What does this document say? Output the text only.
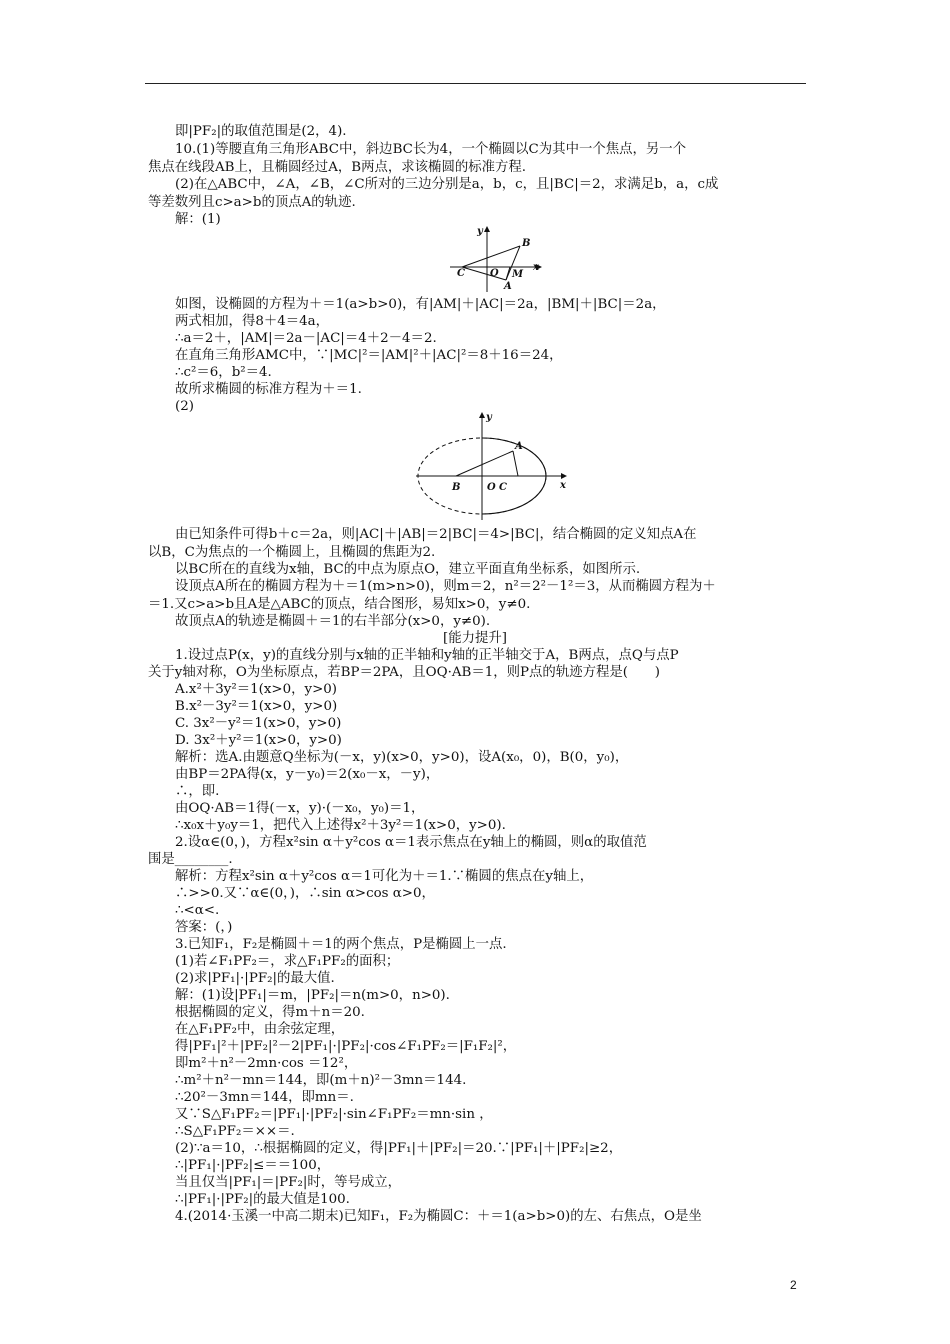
即|PF₂|的取值范围是(2，4).
10.(1)等腰直角三角形ABC中，斜边BC长为4，一个椭圆以C为其中一个焦点，另一个
焦点在线段AB上，且椭圆经过A，B两点，求该椭圆的标准方程.
(2)在△ABC中，∠A，∠B，∠C所对的三边分别是a，b，c，且|BC|＝2，求满足b，a，c成
等差数列且c>a>b的顶点A的轨迹.
解：(1)
y
x
B
C	O M
A
如图，设椭圆的方程为＋＝1(a>b>0)，有|AM|＋|AC|＝2a，|BM|＋|BC|＝2a，
两式相加，得8＋4＝4a，
∴a＝2＋，|AM|＝2a－|AC|＝4＋2－4＝2.
在直角三角形AMC中，∵|MC|²＝|AM|²＋|AC|²＝8＋16＝24，
∴c²＝6，b²＝4.
故所求椭圆的标准方程为＋＝1.
(2)
y
x
A
B	O C
由已知条件可得b＋c＝2a，则|AC|＋|AB|＝2|BC|＝4>|BC|，结合椭圆的定义知点A在
以B，C为焦点的一个椭圆上，且椭圆的焦距为2.
以BC所在的直线为x轴，BC的中点为原点O，建立平面直角坐标系，如图所示.
设顶点A所在的椭圆方程为＋＝1(m>n>0)，则m＝2，n²＝2²－1²＝3，从而椭圆方程为＋
＝1.又c>a>b且A是△ABC的顶点，结合图形，易知x>0，y≠0.
故顶点A的轨迹是椭圆＋＝1的右半部分(x>0，y≠0).
[能力提升]
1.设过点P(x，y)的直线分别与x轴的正半轴和y轴的正半轴交于A，B两点，点Q与点P
关于y轴对称，O为坐标原点，若BP＝2PA，且OQ·AB＝1，则P点的轨迹方程是(　　)
A.x²＋3y²＝1(x>0，y>0)
B.x²－3y²＝1(x>0，y>0)
C. 3x²－y²＝1(x>0，y>0)
D. 3x²＋y²＝1(x>0，y>0)
解析：选A.由题意Q坐标为(－x，y)(x>0，y>0)，设A(x₀，0)，B(0，y₀)，
由BP＝2PA得(x，y－y₀)＝2(x₀－x，－y)，
∴，即.
由OQ·AB＝1得(－x，y)·(－x₀，y₀)＝1，
∴x₀x＋y₀y＝1，把代入上述得x²＋3y²＝1(x>0，y>0).
2.设α∈(0，)，方程x²sin α＋y²cos α＝1表示焦点在y轴上的椭圆，则α的取值范
围是________.
解析：方程x²sin α＋y²cos α＝1可化为＋＝1.∵椭圆的焦点在y轴上，
∴>>0.又∵α∈(0，)，∴sin α>cos α>0，
∴<α<.
答案：(，)
3.已知F₁，F₂是椭圆＋＝1的两个焦点，P是椭圆上一点.
(1)若∠F₁PF₂＝，求△F₁PF₂的面积；
(2)求|PF₁|·|PF₂|的最大值.
解：(1)设|PF₁|＝m，|PF₂|＝n(m>0，n>0).
根据椭圆的定义，得m＋n＝20.
在△F₁PF₂中，由余弦定理，
得|PF₁|²＋|PF₂|²－2|PF₁|·|PF₂|·cos∠F₁PF₂＝|F₁F₂|²，
即m²＋n²－2mn·cos ＝12²，
∴m²＋n²－mn＝144，即(m＋n)²－3mn＝144.
∴20²－3mn＝144，即mn＝.
又∵S△F₁PF₂＝|PF₁|·|PF₂|·sin∠F₁PF₂＝mn·sin ，
∴S△F₁PF₂＝××＝.
(2)∵a＝10，∴根据椭圆的定义，得|PF₁|＋|PF₂|＝20.∵|PF₁|＋|PF₂|≥2，
∴|PF₁|·|PF₂|≤＝＝100，
当且仅当|PF₁|＝|PF₂|时，等号成立，
∴|PF₁|·|PF₂|的最大值是100.
4.(2014·玉溪一中高二期末)已知F₁，F₂为椭圆C：＋＝1(a>b>0)的左、右焦点，O是坐
2
